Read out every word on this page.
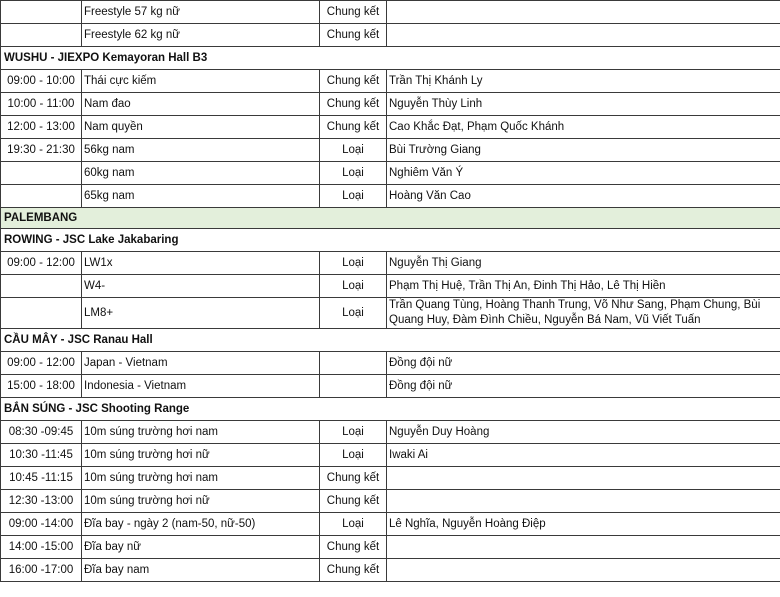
	Freestyle 57 kg nữ	Chung kết	
	Freestyle 62 kg nữ	Chung kết	
WUSHU - JIEXPO Kemayoran Hall B3			
09:00 - 10:00	Thái cực kiếm	Chung kết	Trần Thị Khánh Ly
10:00 - 11:00	Nam đao	Chung kết	Nguyễn Thùy Linh
12:00 - 13:00	Nam quyền	Chung kết	Cao Khắc Đạt, Phạm Quốc Khánh
19:30 - 21:30	56kg nam	Loại	Bùi Trường Giang
	60kg nam	Loại	Nghiêm Văn Ý
	65kg nam	Loại	Hoàng Văn Cao
PALEMBANG			
ROWING - JSC Lake Jakabaring			
09:00 - 12:00	LW1x	Loại	Nguyễn Thị Giang
	W4-	Loại	Phạm Thị Huệ, Trần Thị An, Đinh Thị Hảo, Lê Thị Hiền
	LM8+	Loại	Trần Quang Tùng, Hoàng Thanh Trung, Võ Như Sang, Phạm Chung, Bùi Quang Huy, Đàm Đình Chiều, Nguyễn Bá Nam, Vũ Viết Tuấn
CẦU MÂY - JSC Ranau Hall			
09:00 - 12:00	Japan - Vietnam		Đồng đội nữ
15:00 - 18:00	Indonesia - Vietnam		Đồng đội nữ
BẮN SÚNG - JSC Shooting Range			
08:30 -09:45	10m súng trường hơi nam	Loại	Nguyễn Duy Hoàng
10:30 -11:45	10m súng trường hơi nữ	Loại	Iwaki Ai
10:45 -11:15	10m súng trường hơi nam	Chung kết	
12:30 -13:00	10m súng trường hơi nữ	Chung kết	
09:00 -14:00	Đĩa bay - ngày 2 (nam-50, nữ-50)	Loại	Lê Nghĩa, Nguyễn Hoàng Điệp
14:00 -15:00	Đĩa bay nữ	Chung kết	
16:00 -17:00	Đĩa bay nam	Chung kết	
